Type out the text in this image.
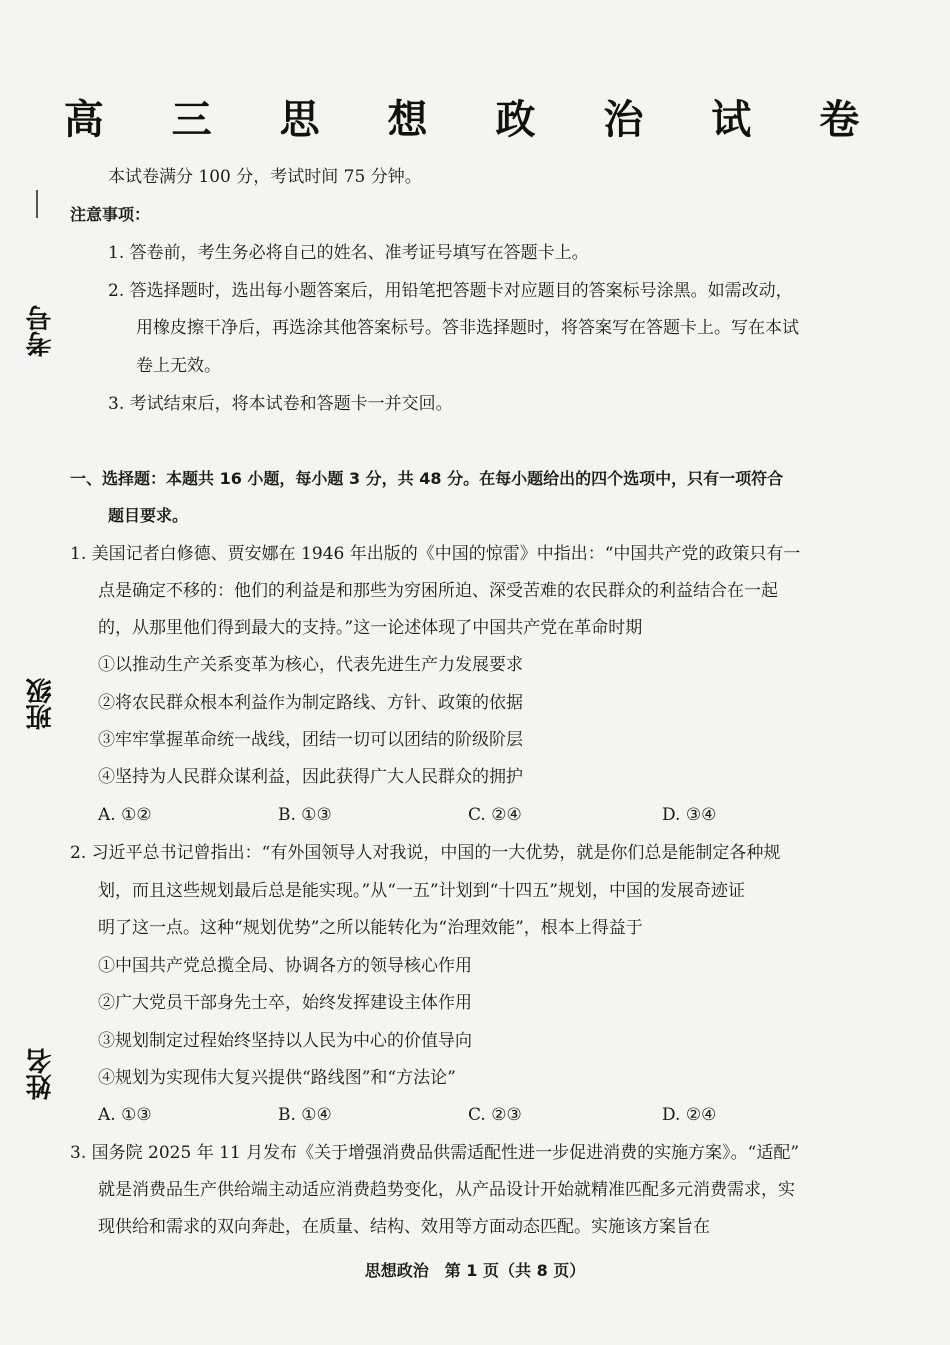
高 三 思 想 政 治 试 卷
考号
班级
姓名
本试卷满分 100 分，考试时间 75 分钟。
注意事项：
1. 答卷前，考生务必将自己的姓名、准考证号填写在答题卡上。
2. 答选择题时，选出每小题答案后，用铅笔把答题卡对应题目的答案标号涂黑。如需改动，
用橡皮擦干净后，再选涂其他答案标号。答非选择题时，将答案写在答题卡上。写在本试
卷上无效。
3. 考试结束后，将本试卷和答题卡一并交回。
一、选择题：本题共 16 小题，每小题 3 分，共 48 分。在每小题给出的四个选项中，只有一项符合
题目要求。
1. 美国记者白修德、贾安娜在 1946 年出版的《中国的惊雷》中指出：“中国共产党的政策只有一
点是确定不移的：他们的利益是和那些为穷困所迫、深受苦难的农民群众的利益结合在一起
的，从那里他们得到最大的支持。”这一论述体现了中国共产党在革命时期
①以推动生产关系变革为核心，代表先进生产力发展要求
②将农民群众根本利益作为制定路线、方针、政策的依据
③牢牢掌握革命统一战线，团结一切可以团结的阶级阶层
④坚持为人民群众谋利益，因此获得广大人民群众的拥护
A. ①②	B. ①③	C. ②④	D. ③④
2. 习近平总书记曾指出：“有外国领导人对我说，中国的一大优势，就是你们总是能制定各种规
划，而且这些规划最后总是能实现。”从“一五”计划到“十四五”规划，中国的发展奇迹证
明了这一点。这种“规划优势”之所以能转化为“治理效能”，根本上得益于
①中国共产党总揽全局、协调各方的领导核心作用
②广大党员干部身先士卒，始终发挥建设主体作用
③规划制定过程始终坚持以人民为中心的价值导向
④规划为实现伟大复兴提供“路线图”和“方法论”
A. ①③	B. ①④	C. ②③	D. ②④
3. 国务院 2025 年 11 月发布《关于增强消费品供需适配性进一步促进消费的实施方案》。“适配”
就是消费品生产供给端主动适应消费趋势变化，从产品设计开始就精准匹配多元消费需求，实
现供给和需求的双向奔赴，在质量、结构、效用等方面动态匹配。实施该方案旨在
思想政治　第 1 页（共 8 页）
